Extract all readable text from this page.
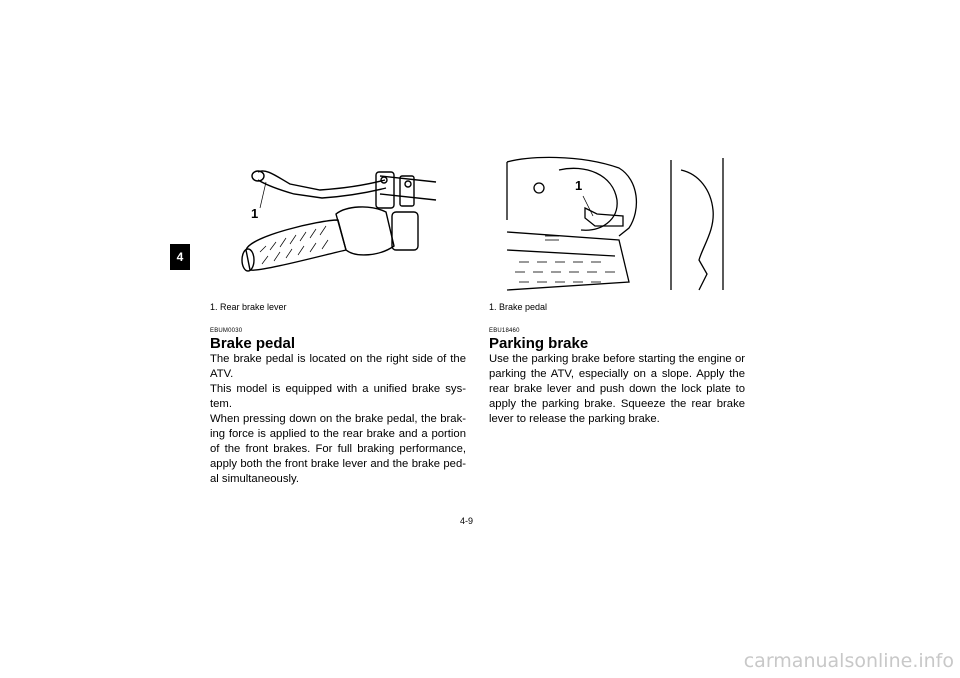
4
1
1. Rear brake lever
EBUM0030
Brake pedal

The brake pedal is located on the right side of the ATV.

This model is equipped with a unified brake sys-tem.

When pressing down on the brake pedal, the brak-ing force is applied to the rear brake and a portion of the front brakes. For full braking performance, apply both the front brake lever and the brake ped-al simultaneously.

1
1. Brake pedal
EBU18460
Parking brake

Use the parking brake before starting the engine or parking the ATV, especially on a slope. Apply the rear brake lever and push down the lock plate to apply the parking brake. Squeeze the rear brake lever to release the parking brake.

4-9
carmanualsonline.info
